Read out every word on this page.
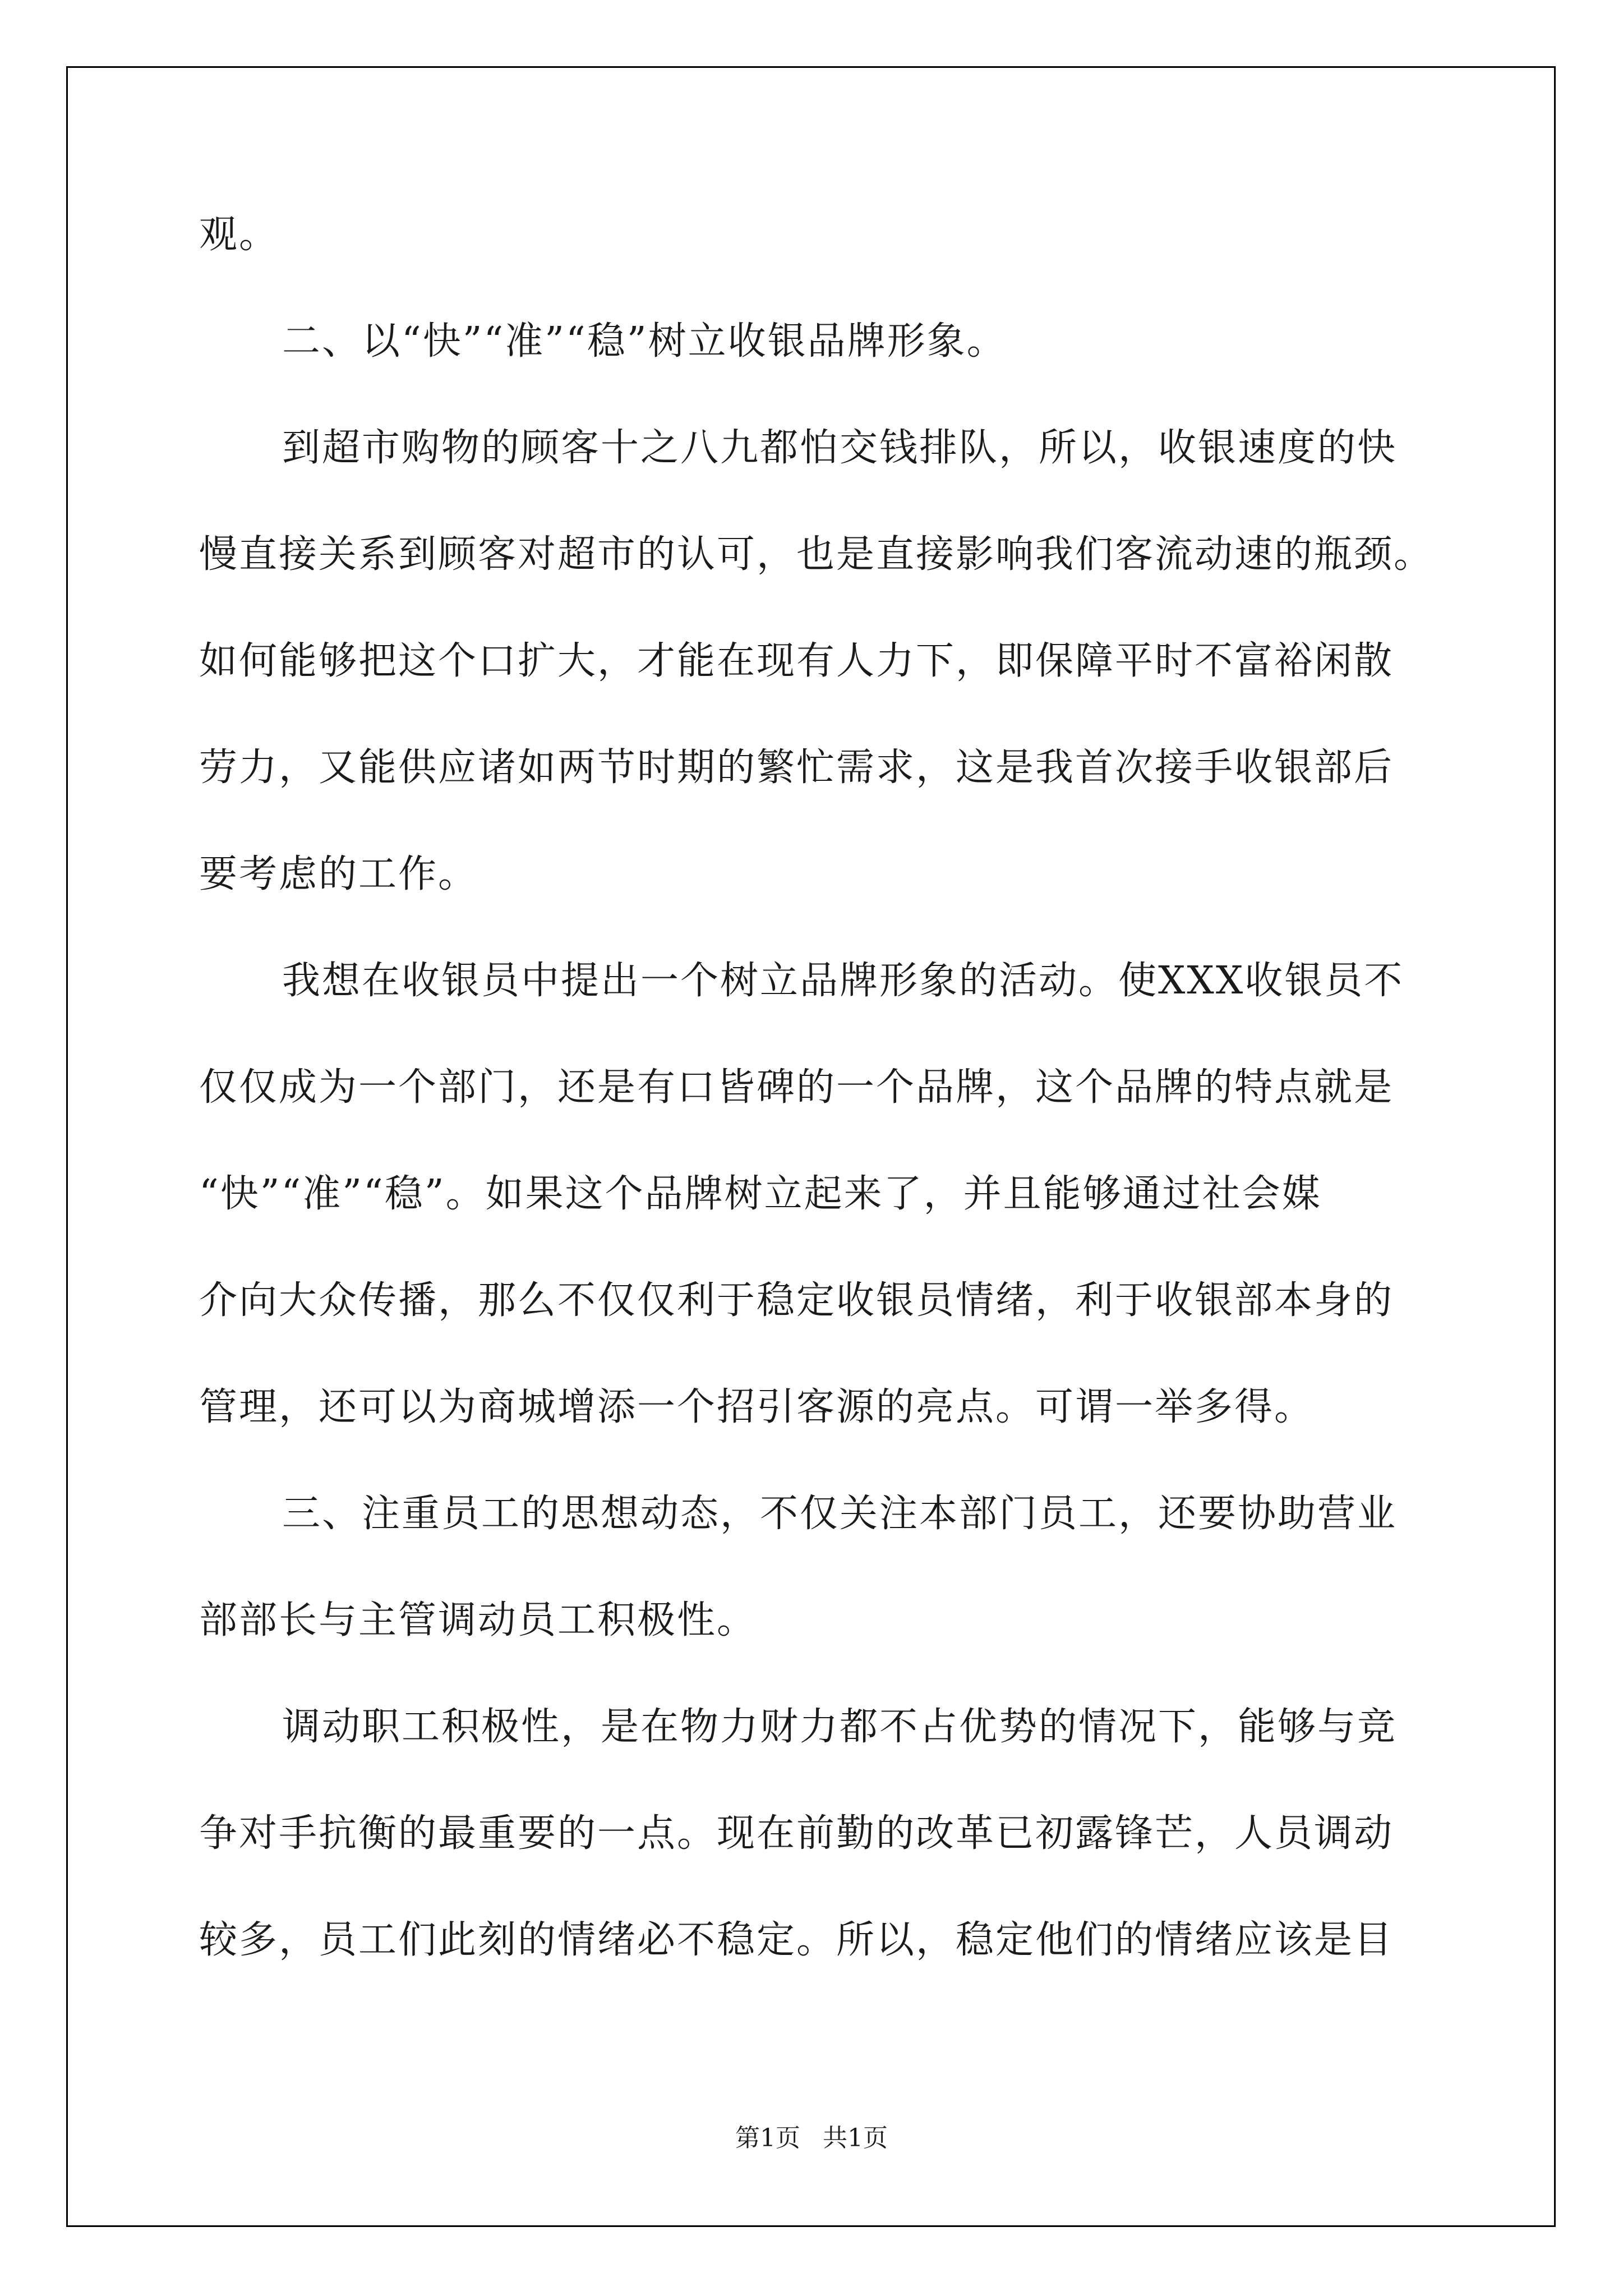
观。
二、以“快”“准”“稳”树立收银品牌形象。
到超市购物的顾客十之八九都怕交钱排队，所以，收银速度的快
慢直接关系到顾客对超市的认可，也是直接影响我们客流动速的瓶颈。
如何能够把这个口扩大，才能在现有人力下，即保障平时不富裕闲散
劳力，又能供应诸如两节时期的繁忙需求，这是我首次接手收银部后
要考虑的工作。
我想在收银员中提出一个树立品牌形象的活动。使XXX收银员不
仅仅成为一个部门，还是有口皆碑的一个品牌，这个品牌的特点就是
“快”“准”“稳”。如果这个品牌树立起来了，并且能够通过社会媒
介向大众传播，那么不仅仅利于稳定收银员情绪，利于收银部本身的
管理，还可以为商城增添一个招引客源的亮点。可谓一举多得。
三、注重员工的思想动态，不仅关注本部门员工，还要协助营业
部部长与主管调动员工积极性。
调动职工积极性，是在物力财力都不占优势的情况下，能够与竞
争对手抗衡的最重要的一点。现在前勤的改革已初露锋芒，人员调动
较多，员工们此刻的情绪必不稳定。所以，稳定他们的情绪应该是目
第1页 共1页
